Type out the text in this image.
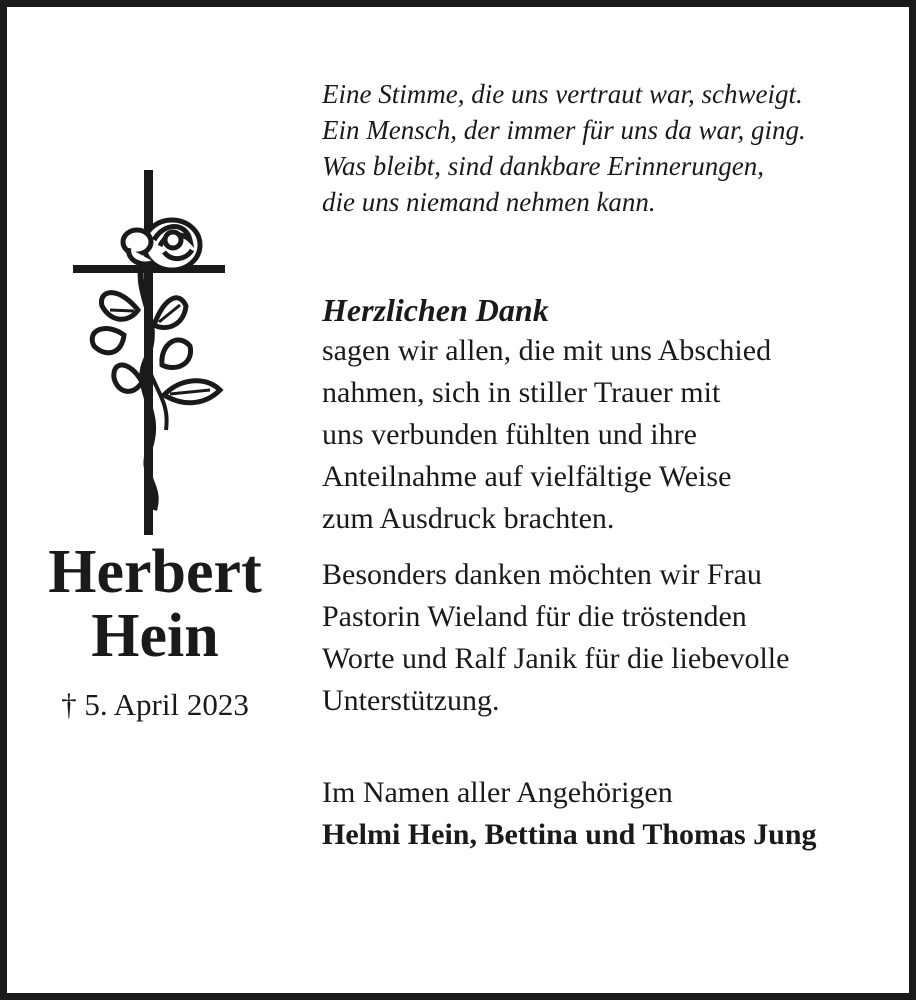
Herbert
Hein
† 5. April 2023

Eine Stimme, die uns vertraut war, schweigt.
Ein Mensch, der immer für uns da war, ging.
Was bleibt, sind dankbare Erinnerungen,
die uns niemand nehmen kann.

Herzlichen Dank

sagen wir allen, die mit uns Abschied
nahmen, sich in stiller Trauer mit
uns verbunden fühlten und ihre
Anteilnahme auf vielfältige Weise
zum Ausdruck brachten.

Besonders danken möchten wir Frau
Pastorin Wieland für die tröstenden
Worte und Ralf Janik für die liebevolle
Unterstützung.

Im Namen aller Angehörigen

Helmi Hein, Bettina und Thomas Jung
